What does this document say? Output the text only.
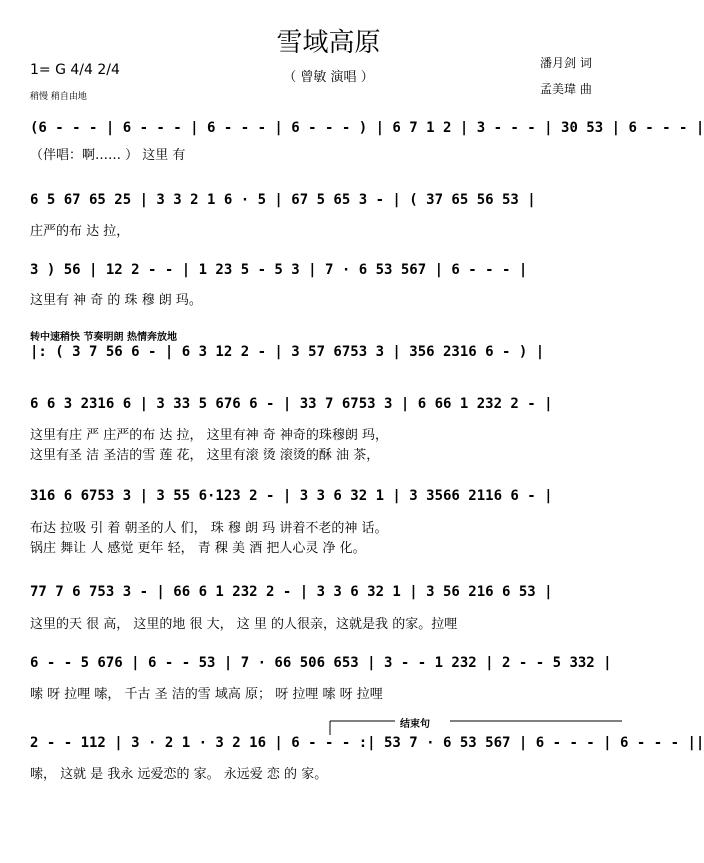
雪域高原
（ 曾敏 演唱 ）
1= G 4/4 2/4
稍慢 稍自由地
潘月剑 词
孟美瑋 曲
转中速稍快 节奏明朗 热情奔放地
结束句
(6 - - - | 6 - - - | 6 - - - | 6 - - - ) | 6 7 1 2 | 3 - - - | 30 53 | 6 - - - |
（伴唱：啊…… ） 这里 有
6 5 67 65 25 | 3 3 2 1 6 · 5 | 67 5 65 3 - | ( 37 65 56 53 |
庄严的布 达 拉，
3 ) 56 | 12 2 - - | 1 23 5 - 5 3 | 7 · 6 53 567 | 6 - - - |
这里有 神 奇 的 珠 穆 朗 玛。
|: ( 3 7 56 6 - | 6 3 12 2 - | 3 57 6753 3 | 356 2316 6 - ) |
6 6 3 2316 6 | 3 33 5 676 6 - | 33 7 6753 3 | 6 66 1 232 2 - |
这里有庄 严 庄严的布 达 拉， 这里有神 奇 神奇的珠穆朗 玛，
这里有圣 洁 圣洁的雪 莲 花， 这里有滚 烫 滚烫的酥 油 茶，
316 6 6753 3 | 3 55 6·123 2 - | 3 3 6 32 1 | 3 3566 2116 6 - |
布达 拉吸 引 着 朝圣的人 们， 珠 穆 朗 玛 讲着不老的神 话。
锅庄 舞让 人 感觉 更年 轻， 青 稞 美 酒 把人心灵 净 化。
77 7 6 753 3 - | 66 6 1 232 2 - | 3 3 6 32 1 | 3 56 216 6 53 |
这里的天 很 高， 这里的地 很 大， 这 里 的人很亲，这就是我 的家。拉哩
6 - - 5 676 | 6 - - 53 | 7 · 66 506 653 | 3 - - 1 232 | 2 - - 5 332 |
嗦 呀 拉哩 嗦， 千古 圣 洁的雪 域高 原； 呀 拉哩 嗦 呀 拉哩
2 - - 112 | 3 · 2 1 · 3 2 16 | 6 - - - :| 53 7 · 6 53 567 | 6 - - - | 6 - - - ||
嗦， 这就 是 我永 远爱恋的 家。 永远爱 恋 的 家。
